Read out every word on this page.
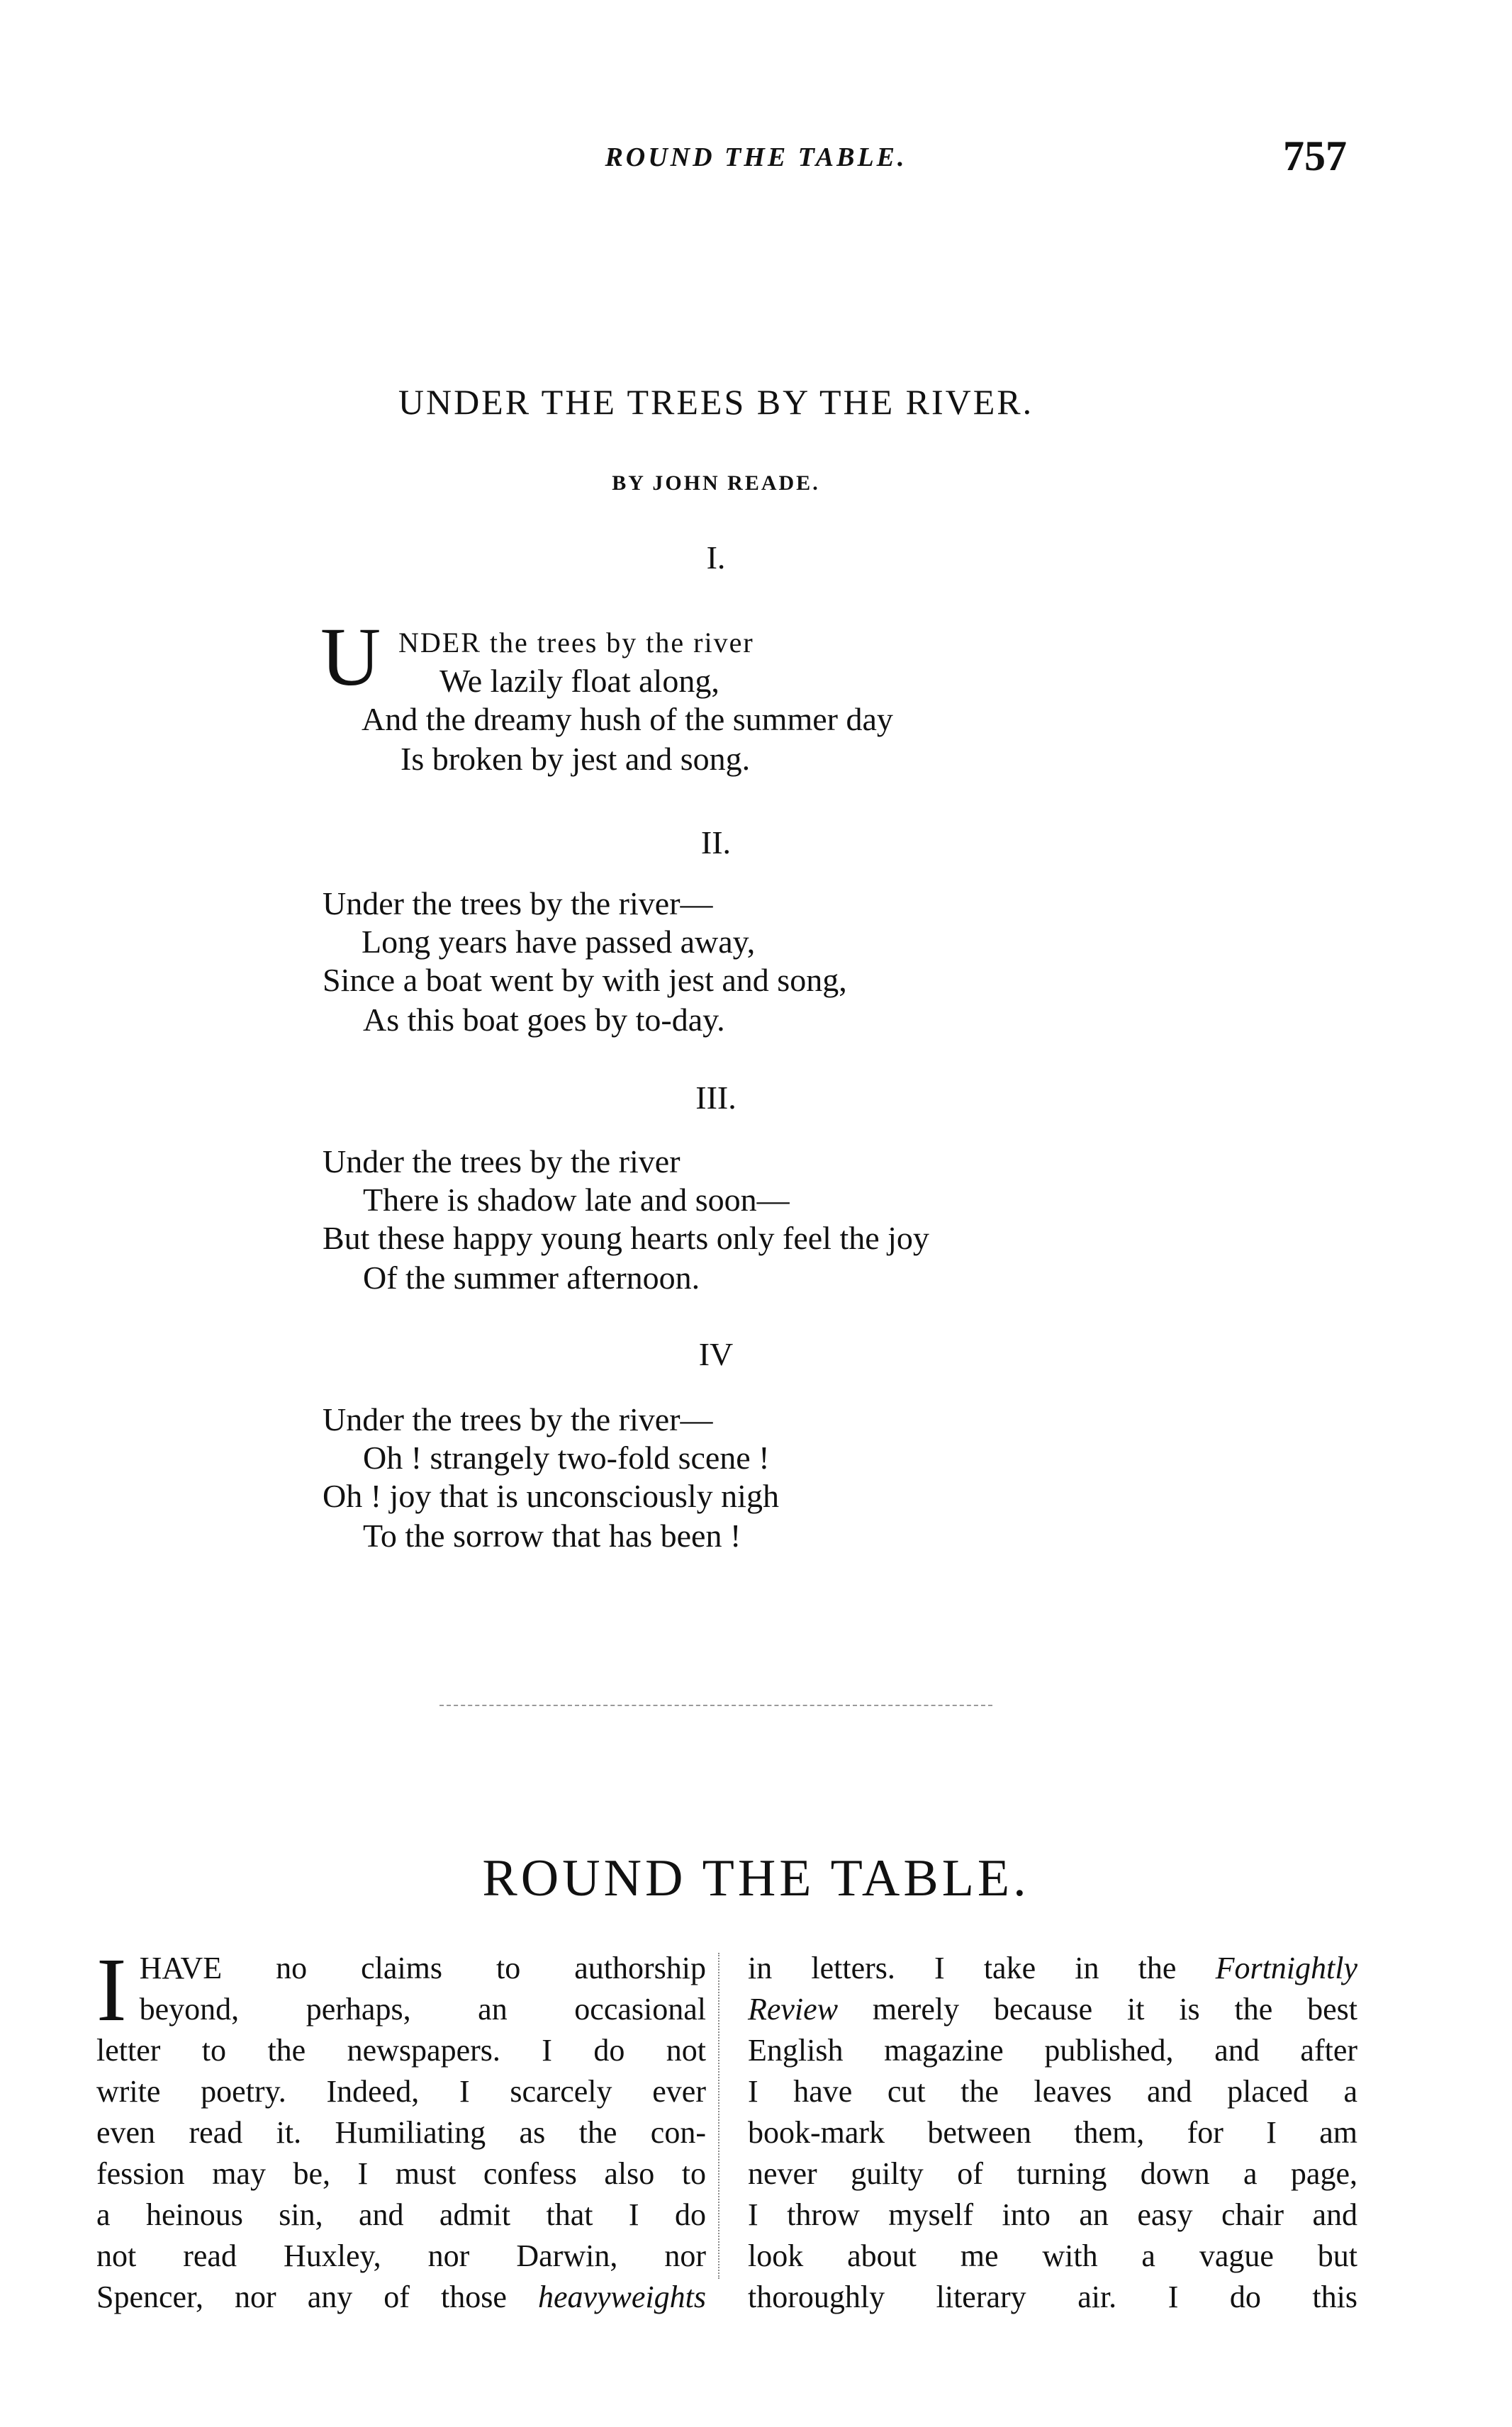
ROUND THE TABLE.	757
UNDER THE TREES BY THE RIVER.
BY JOHN READE.
I.
U NDER the trees by the river
We lazily float along,
And the dreamy hush of the summer day
Is broken by jest and song.
II.
Under the trees by the river—
Long years have passed away,
Since a boat went by with jest and song,
As this boat goes by to-day.
III.
Under the trees by the river
There is shadow late and soon—
But these happy young hearts only feel the joy
Of the summer afternoon.
IV
Under the trees by the river—
Oh ! strangely two-fold scene !
Oh ! joy that is unconsciously nigh
To the sorrow that has been !
ROUND THE TABLE.
I HAVE no claims to authorship
beyond, perhaps, an occasional
letter to the newspapers. I do not
write poetry. Indeed, I scarcely ever
even read it. Humiliating as the con-
fession may be, I must confess also to
a heinous sin, and admit that I do
not read Huxley, nor Darwin, nor
Spencer, nor any of those heavyweights
in letters. I take in the Fortnightly
Review merely because it is the best
English magazine published, and after
I have cut the leaves and placed a
book-mark between them, for I am
never guilty of turning down a page,
I throw myself into an easy chair and
look about me with a vague but
thoroughly literary air. I do this
